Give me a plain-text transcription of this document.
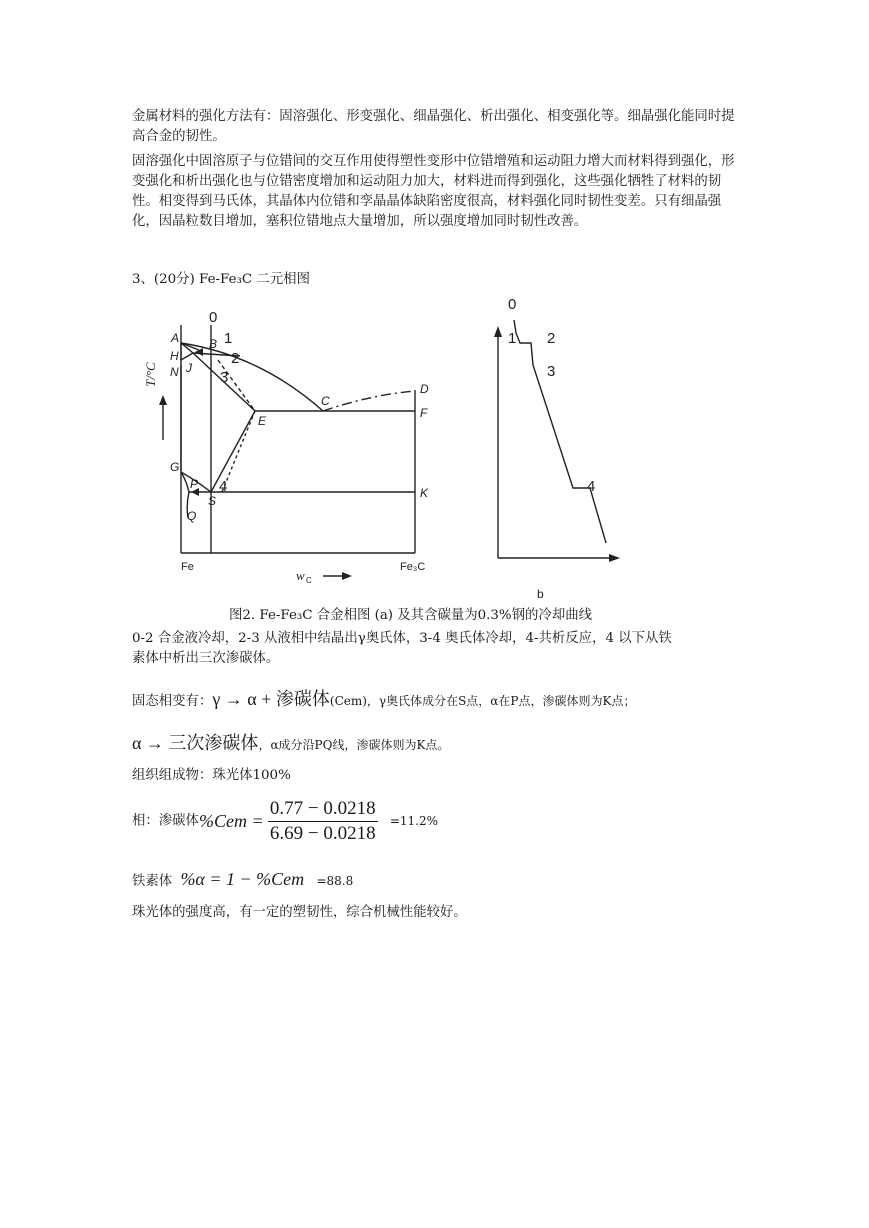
金属材料的强化方法有：固溶强化、形变强化、细晶强化、析出强化、相变强化等。细晶强化能同时提高合金的韧性。
固溶强化中固溶原子与位错间的交互作用使得塑性变形中位错增殖和运动阻力增大而材料得到强化，形变强化和析出强化也与位错密度增加和运动阻力加大，材料进而得到强化，这些强化牺牲了材料的韧性。相变得到马氏体，其晶体内位错和孪晶晶体缺陷密度很高，材料强化同时韧性变差。只有细晶强化，因晶粒数目增加，塞积位错地点大量增加，所以强度增加同时韧性改善。
3、(20分) Fe-Fe₃C 二元相图
A B
H
J
N
C
D
E
F
G
P
S
K
Q
T/°C
Fe	Fe₃C
w C
0
1
2
3
4
0
1 2
3
4
b
图2. Fe-Fe₃C 合金相图 (a) 及其含碳量为0.3%钢的冷却曲线
0-2 合金液冷却，2-3 从液相中结晶出γ奥氏体，3-4 奥氏体冷却，4-共析反应，4 以下从铁
素体中析出三次渗碳体。
固态相变有：γ → α + 渗碳体(Cem)，γ奥氏体成分在S点，α在P点，渗碳体则为K点；
α → 三次渗碳体，α成分沿PQ线，渗碳体则为K点。
组织组成物：珠光体100%
相：渗碳体$\%Cem = \frac{0.77 - 0.0218}{6.69 - 0.0218} =11.2\%$
铁素体 %α = 1 − %Cem =88.8
珠光体的强度高，有一定的塑韧性，综合机械性能较好。
